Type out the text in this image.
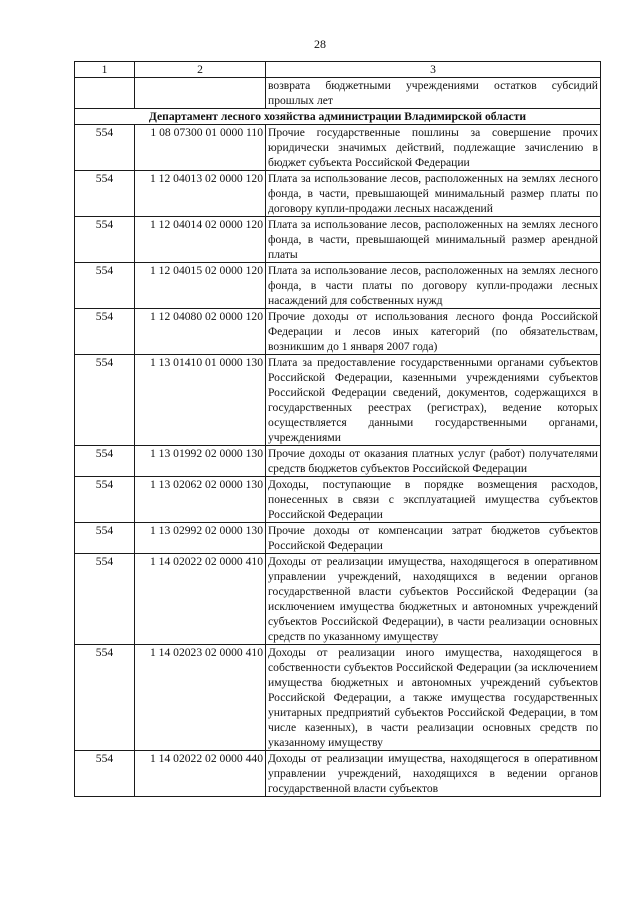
28
1	2	3
		возврата бюджетными учреждениями остатков субсидий прошлых лет
Департамент лесного хозяйства администрации Владимирской области		
554	1 08 07300 01 0000 110	Прочие государственные пошлины за совершение прочих юридически значимых действий, подлежащие зачислению в бюджет субъекта Российской Федерации
554	1 12 04013 02 0000 120	Плата за использование лесов, расположенных на землях лесного фонда, в части, превышающей минимальный размер платы по договору купли-продажи лесных насаждений
554	1 12 04014 02 0000 120	Плата за использование лесов, расположенных на землях лесного фонда, в части, превышающей минимальный размер арендной платы
554	1 12 04015 02 0000 120	Плата за использование лесов, расположенных на землях лесного фонда, в части платы по договору купли-продажи лесных насаждений для собственных нужд
554	1 12 04080 02 0000 120	Прочие доходы от использования лесного фонда Российской Федерации и лесов иных категорий (по обязательствам, возникшим до 1 января 2007 года)
554	1 13 01410 01 0000 130	Плата за предоставление государственными органами субъектов Российской Федерации, казенными учреждениями субъектов Российской Федерации сведений, документов, содержащихся в государственных реестрах (регистрах), ведение которых осуществляется данными государственными органами, учреждениями
554	1 13 01992 02 0000 130	Прочие доходы от оказания платных услуг (работ) получателями средств бюджетов субъектов Российской Федерации
554	1 13 02062 02 0000 130	Доходы, поступающие в порядке возмещения расходов, понесенных в связи с эксплуатацией имущества субъектов Российской Федерации
554	1 13 02992 02 0000 130	Прочие доходы от компенсации затрат бюджетов субъектов Российской Федерации
554	1 14 02022 02 0000 410	Доходы от реализации имущества, находящегося в оперативном управлении учреждений, находящихся в ведении органов государственной власти субъектов Российской Федерации (за исключением имущества бюджетных и автономных учреждений субъектов Российской Федерации), в части реализации основных средств по указанному имуществу
554	1 14 02023 02 0000 410	Доходы от реализации иного имущества, находящегося в собственности субъектов Российской Федерации (за исключением имущества бюджетных и автономных учреждений субъектов Российской Федерации, а также имущества государственных унитарных предприятий субъектов Российской Федерации, в том числе казенных), в части реализации основных средств по указанному имуществу
554	1 14 02022 02 0000 440	Доходы от реализации имущества, находящегося в оперативном управлении учреждений, находящихся в ведении органов государственной власти субъектов
